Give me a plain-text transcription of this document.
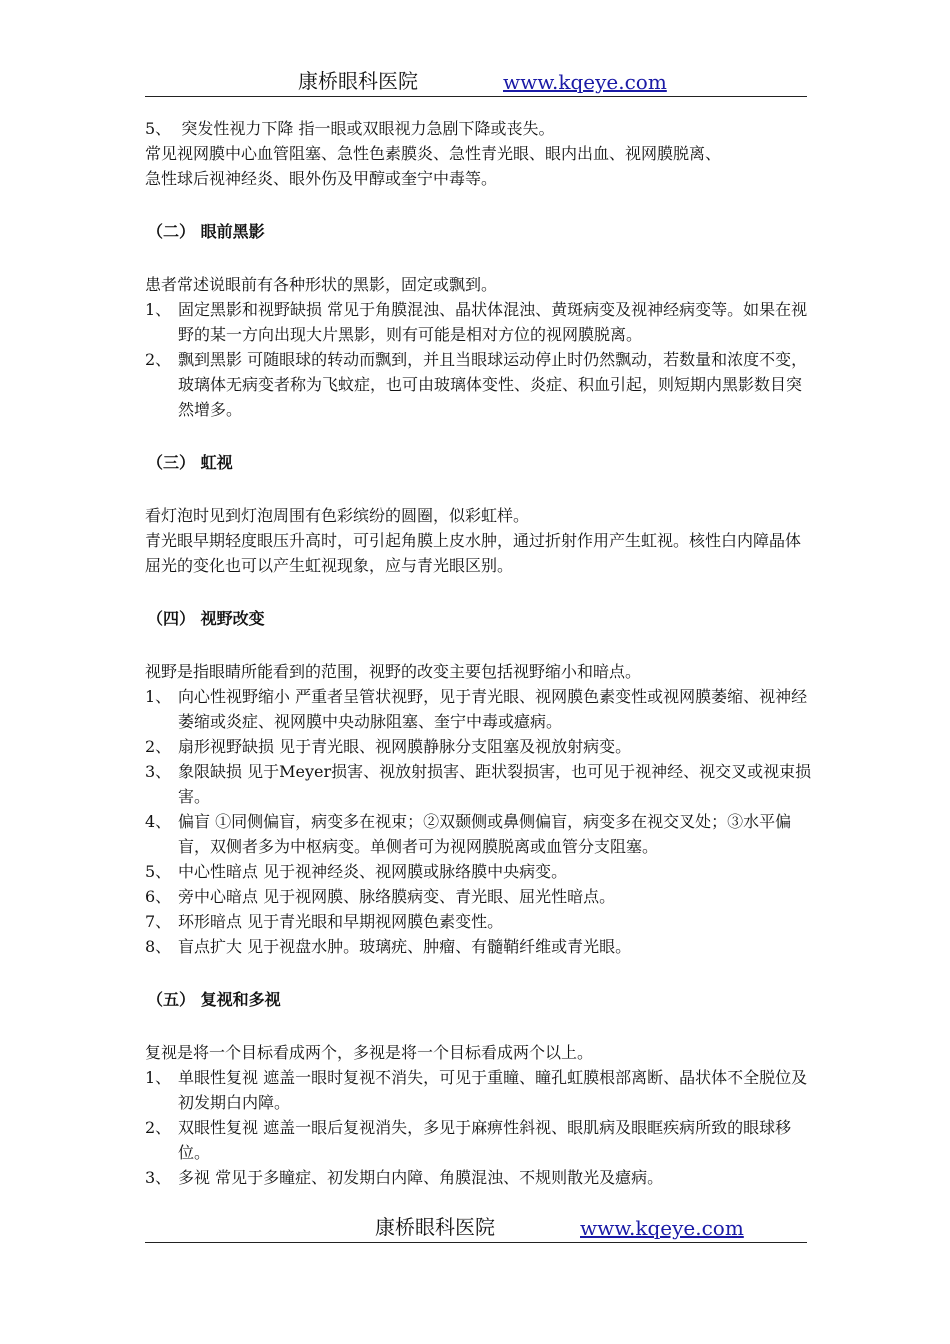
康桥眼科医院	www.kqeye.com

5、 突发性视力下降 指一眼或双眼视力急剧下降或丧失。

常见视网膜中心血管阻塞、急性色素膜炎、急性青光眼、眼内出血、视网膜脱离、

急性球后视神经炎、眼外伤及甲醇或奎宁中毒等。

（二） 眼前黑影

患者常述说眼前有各种形状的黑影，固定或飘到。

1、 固定黑影和视野缺损 常见于角膜混浊、晶状体混浊、黄斑病变及视神经病变等。如果在视野的某一方向出现大片黑影，则有可能是相对方位的视网膜脱离。
2、 飘到黑影 可随眼球的转动而飘到，并且当眼球运动停止时仍然飘动，若数量和浓度不变，玻璃体无病变者称为飞蚊症，也可由玻璃体变性、炎症、积血引起，则短期内黑影数目突然增多。

（三） 虹视

看灯泡时见到灯泡周围有色彩缤纷的圆圈，似彩虹样。

青光眼早期轻度眼压升高时，可引起角膜上皮水肿，通过折射作用产生虹视。核性白内障晶体屈光的变化也可以产生虹视现象，应与青光眼区别。

（四） 视野改变

视野是指眼睛所能看到的范围，视野的改变主要包括视野缩小和暗点。

1、 向心性视野缩小 严重者呈管状视野，见于青光眼、视网膜色素变性或视网膜萎缩、视神经萎缩或炎症、视网膜中央动脉阻塞、奎宁中毒或癔病。
2、 扇形视野缺损 见于青光眼、视网膜静脉分支阻塞及视放射病变。
3、 象限缺损 见于Meyer损害、视放射损害、距状裂损害，也可见于视神经、视交叉或视束损害。
4、 偏盲 ①同侧偏盲，病变多在视束；②双颞侧或鼻侧偏盲，病变多在视交叉处；③水平偏盲，双侧者多为中枢病变。单侧者可为视网膜脱离或血管分支阻塞。
5、 中心性暗点 见于视神经炎、视网膜或脉络膜中央病变。
6、 旁中心暗点 见于视网膜、脉络膜病变、青光眼、屈光性暗点。
7、 环形暗点 见于青光眼和早期视网膜色素变性。
8、 盲点扩大 见于视盘水肿。玻璃疣、肿瘤、有髓鞘纤维或青光眼。

（五） 复视和多视

复视是将一个目标看成两个，多视是将一个目标看成两个以上。

1、 单眼性复视 遮盖一眼时复视不消失，可见于重瞳、瞳孔虹膜根部离断、晶状体不全脱位及初发期白内障。
2、 双眼性复视 遮盖一眼后复视消失，多见于麻痹性斜视、眼肌病及眼眶疾病所致的眼球移位。
3、 多视 常见于多瞳症、初发期白内障、角膜混浊、不规则散光及癔病。
康桥眼科医院	www.kqeye.com
